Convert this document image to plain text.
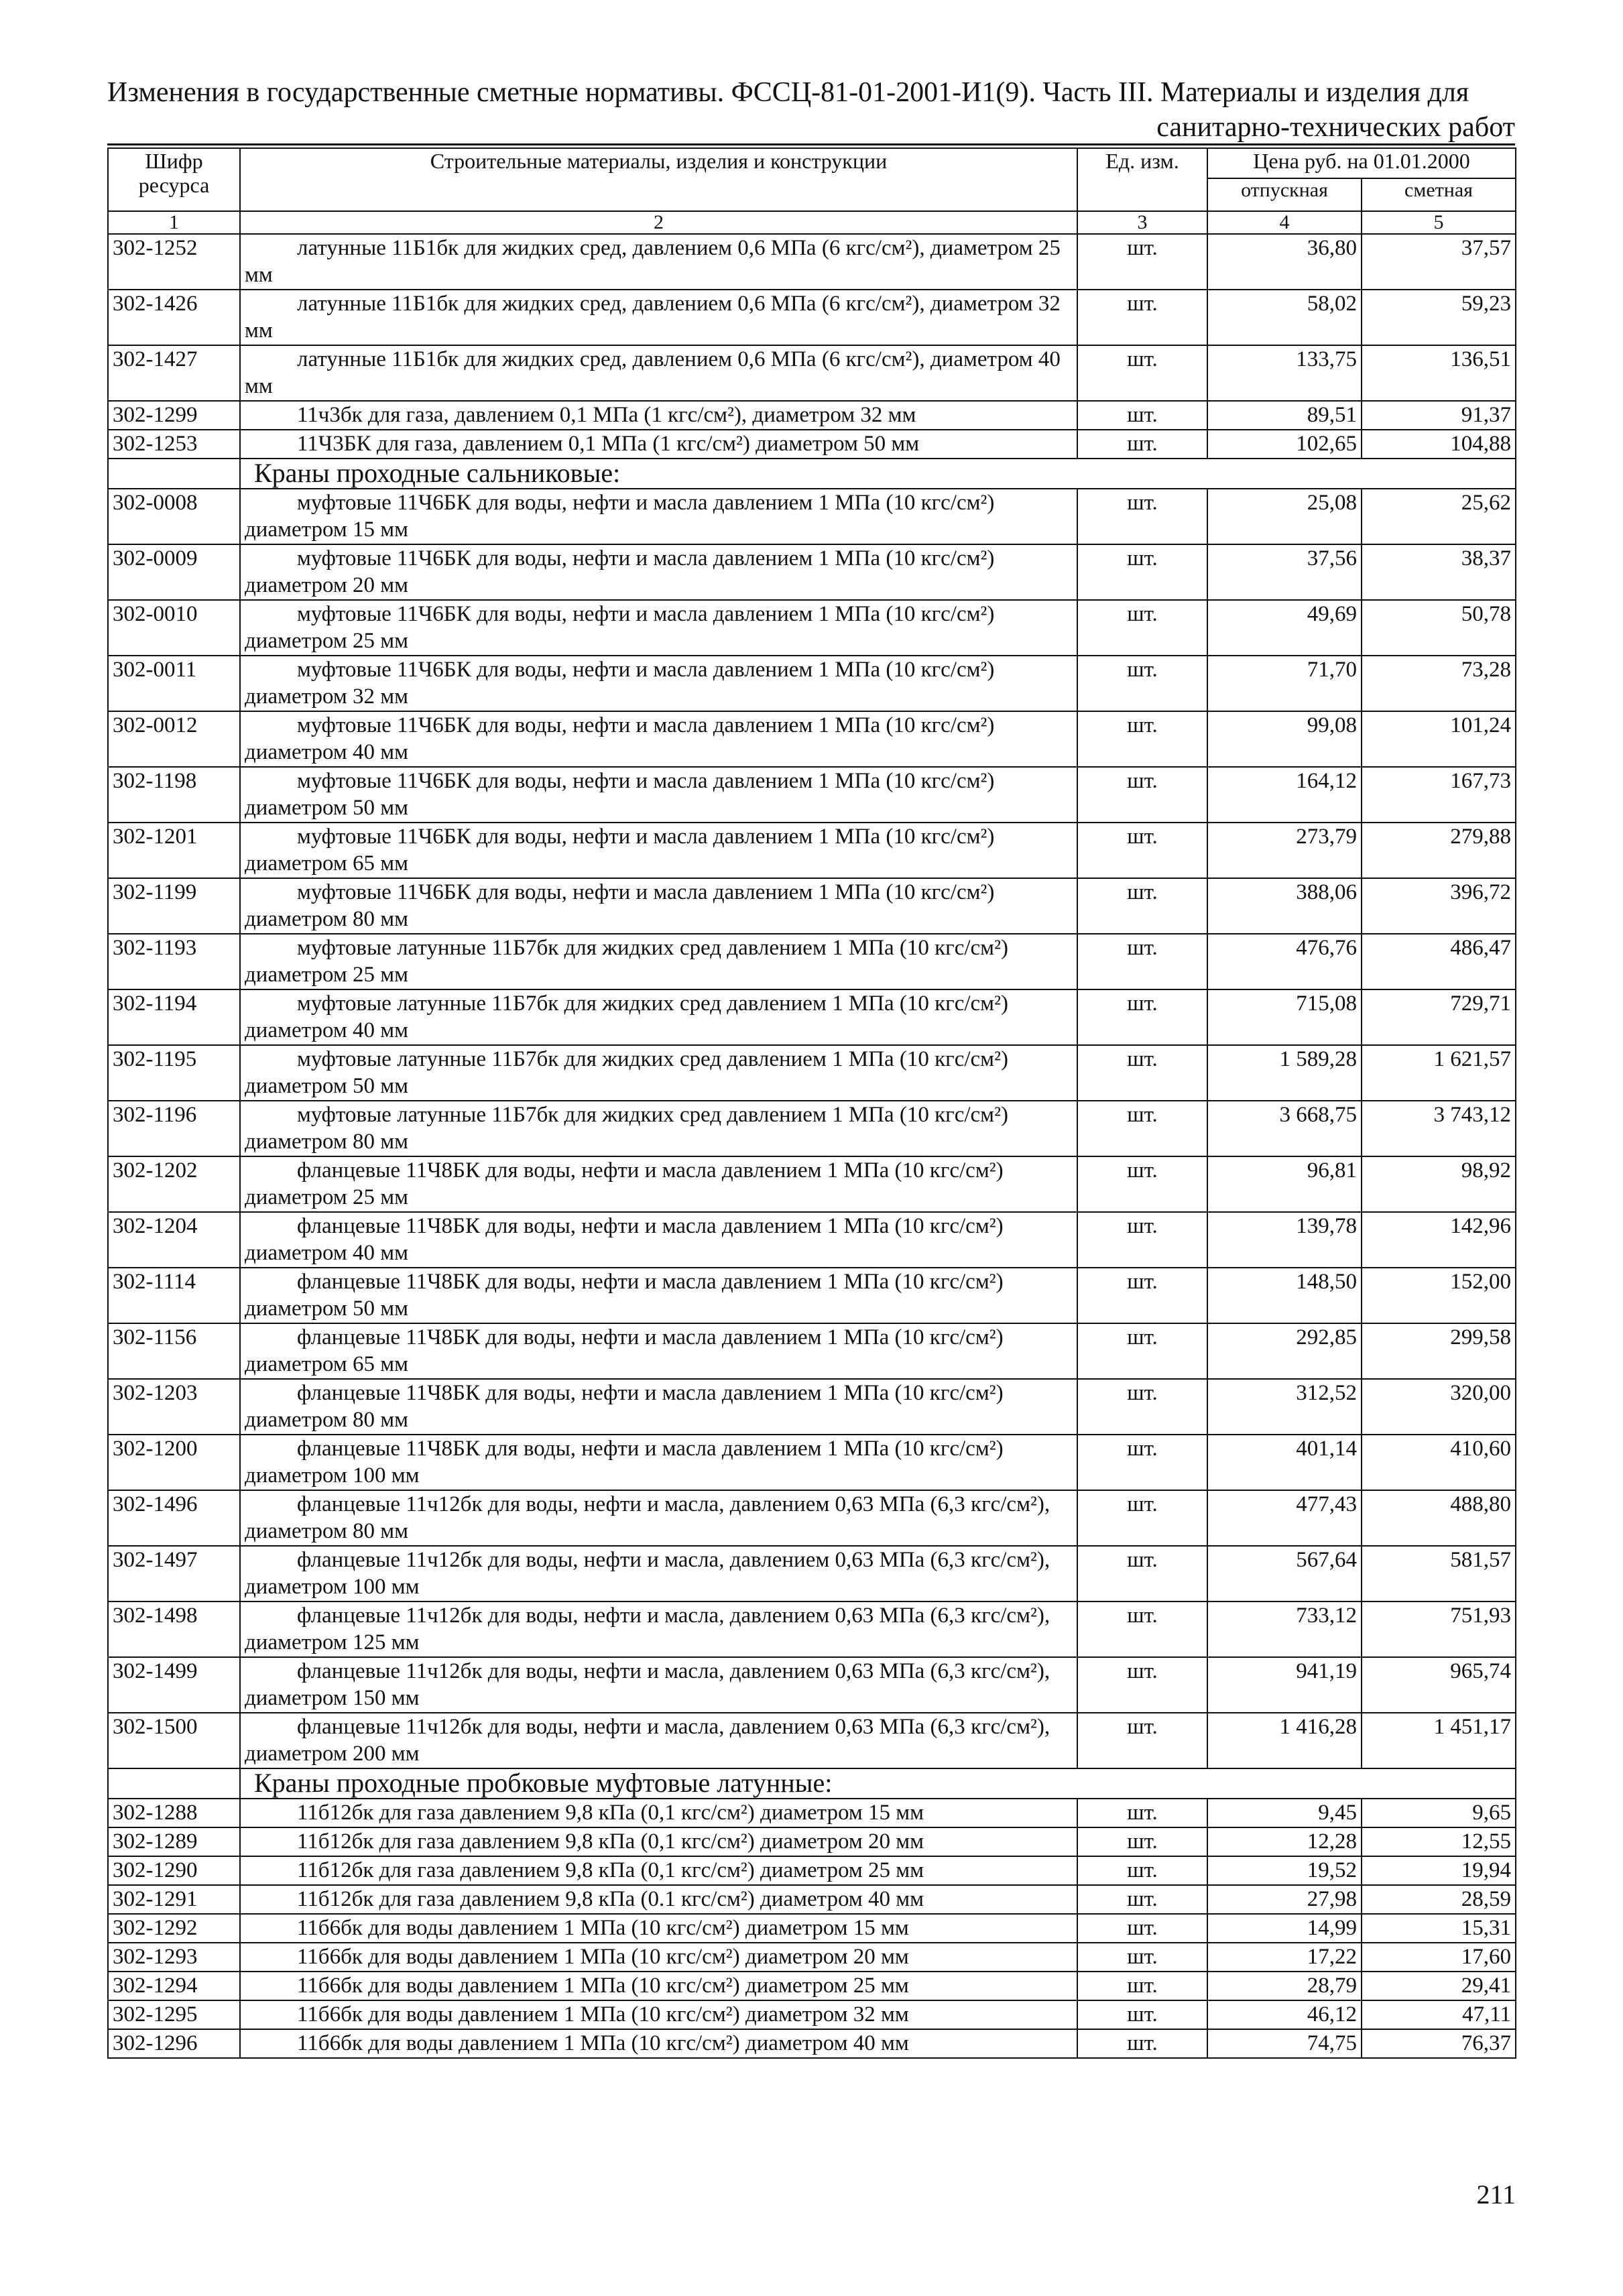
Изменения в государственные сметные нормативы. ФССЦ-81-01-2001-И1(9). Часть III. Материалы и изделия для
санитарно-технических работ
Шифр ресурса	Строительные материалы, изделия и конструкции	Ед. изм.	Цена руб. на 01.01.2000	
			отпускная	сметная
1	2	3	4	5
302-1252	латунные 11Б1бк для жидких сред, давлением 0,6 МПа (6 кгс/см²), диаметром 25 мм	шт.	36,80	37,57
302-1426	латунные 11Б1бк для жидких сред, давлением 0,6 МПа (6 кгс/см²), диаметром 32 мм	шт.	58,02	59,23
302-1427	латунные 11Б1бк для жидких сред, давлением 0,6 МПа (6 кгс/см²), диаметром 40 мм	шт.	133,75	136,51
302-1299	11ч3бк для газа, давлением 0,1 МПа (1 кгс/см²), диаметром 32 мм	шт.	89,51	91,37
302-1253	11Ч3БК для газа, давлением 0,1 МПа (1 кгс/см²) диаметром 50 мм	шт.	102,65	104,88
	Краны проходные сальниковые:			
302-0008	муфтовые 11Ч6БК для воды, нефти и масла давлением 1 МПа (10 кгс/см²) диаметром 15 мм	шт.	25,08	25,62
302-0009	муфтовые 11Ч6БК для воды, нефти и масла давлением 1 МПа (10 кгс/см²) диаметром 20 мм	шт.	37,56	38,37
302-0010	муфтовые 11Ч6БК для воды, нефти и масла давлением 1 МПа (10 кгс/см²) диаметром 25 мм	шт.	49,69	50,78
302-0011	муфтовые 11Ч6БК для воды, нефти и масла давлением 1 МПа (10 кгс/см²) диаметром 32 мм	шт.	71,70	73,28
302-0012	муфтовые 11Ч6БК для воды, нефти и масла давлением 1 МПа (10 кгс/см²) диаметром 40 мм	шт.	99,08	101,24
302-1198	муфтовые 11Ч6БК для воды, нефти и масла давлением 1 МПа (10 кгс/см²) диаметром 50 мм	шт.	164,12	167,73
302-1201	муфтовые 11Ч6БК для воды, нефти и масла давлением 1 МПа (10 кгс/см²) диаметром 65 мм	шт.	273,79	279,88
302-1199	муфтовые 11Ч6БК для воды, нефти и масла давлением 1 МПа (10 кгс/см²) диаметром 80 мм	шт.	388,06	396,72
302-1193	муфтовые латунные 11Б7бк для жидких сред давлением 1 МПа (10 кгс/см²) диаметром 25 мм	шт.	476,76	486,47
302-1194	муфтовые латунные 11Б7бк для жидких сред давлением 1 МПа (10 кгс/см²) диаметром 40 мм	шт.	715,08	729,71
302-1195	муфтовые латунные 11Б7бк для жидких сред давлением 1 МПа (10 кгс/см²) диаметром 50 мм	шт.	1 589,28	1 621,57
302-1196	муфтовые латунные 11Б7бк для жидких сред давлением 1 МПа (10 кгс/см²) диаметром 80 мм	шт.	3 668,75	3 743,12
302-1202	фланцевые 11Ч8БК для воды, нефти и масла давлением 1 МПа (10 кгс/см²) диаметром 25 мм	шт.	96,81	98,92
302-1204	фланцевые 11Ч8БК для воды, нефти и масла давлением 1 МПа (10 кгс/см²) диаметром 40 мм	шт.	139,78	142,96
302-1114	фланцевые 11Ч8БК для воды, нефти и масла давлением 1 МПа (10 кгс/см²) диаметром 50 мм	шт.	148,50	152,00
302-1156	фланцевые 11Ч8БК для воды, нефти и масла давлением 1 МПа (10 кгс/см²) диаметром 65 мм	шт.	292,85	299,58
302-1203	фланцевые 11Ч8БК для воды, нефти и масла давлением 1 МПа (10 кгс/см²) диаметром 80 мм	шт.	312,52	320,00
302-1200	фланцевые 11Ч8БК для воды, нефти и масла давлением 1 МПа (10 кгс/см²) диаметром 100 мм	шт.	401,14	410,60
302-1496	фланцевые 11ч12бк для воды, нефти и масла, давлением 0,63 МПа (6,3 кгс/см²), диаметром 80 мм	шт.	477,43	488,80
302-1497	фланцевые 11ч12бк для воды, нефти и масла, давлением 0,63 МПа (6,3 кгс/см²), диаметром 100 мм	шт.	567,64	581,57
302-1498	фланцевые 11ч12бк для воды, нефти и масла, давлением 0,63 МПа (6,3 кгс/см²), диаметром 125 мм	шт.	733,12	751,93
302-1499	фланцевые 11ч12бк для воды, нефти и масла, давлением 0,63 МПа (6,3 кгс/см²), диаметром 150 мм	шт.	941,19	965,74
302-1500	фланцевые 11ч12бк для воды, нефти и масла, давлением 0,63 МПа (6,3 кгс/см²), диаметром 200 мм	шт.	1 416,28	1 451,17
	Краны проходные пробковые муфтовые латунные:			
302-1288	11б12бк для газа давлением 9,8 кПа (0,1 кгс/см²) диаметром 15 мм	шт.	9,45	9,65
302-1289	11б12бк для газа давлением 9,8 кПа (0,1 кгс/см²) диаметром 20 мм	шт.	12,28	12,55
302-1290	11б12бк для газа давлением 9,8 кПа (0,1 кгс/см²) диаметром 25 мм	шт.	19,52	19,94
302-1291	11б12бк для газа давлением 9,8 кПа (0.1 кгс/см²) диаметром 40 мм	шт.	27,98	28,59
302-1292	11б6бк для воды давлением 1 МПа (10 кгс/см²) диаметром 15 мм	шт.	14,99	15,31
302-1293	11б6бк для воды давлением 1 МПа (10 кгс/см²) диаметром 20 мм	шт.	17,22	17,60
302-1294	11б6бк для воды давлением 1 МПа (10 кгс/см²) диаметром 25 мм	шт.	28,79	29,41
302-1295	11б6бк для воды давлением 1 МПа (10 кгс/см²) диаметром 32 мм	шт.	46,12	47,11
302-1296	11б6бк для воды давлением 1 МПа (10 кгс/см²) диаметром 40 мм	шт.	74,75	76,37
211
